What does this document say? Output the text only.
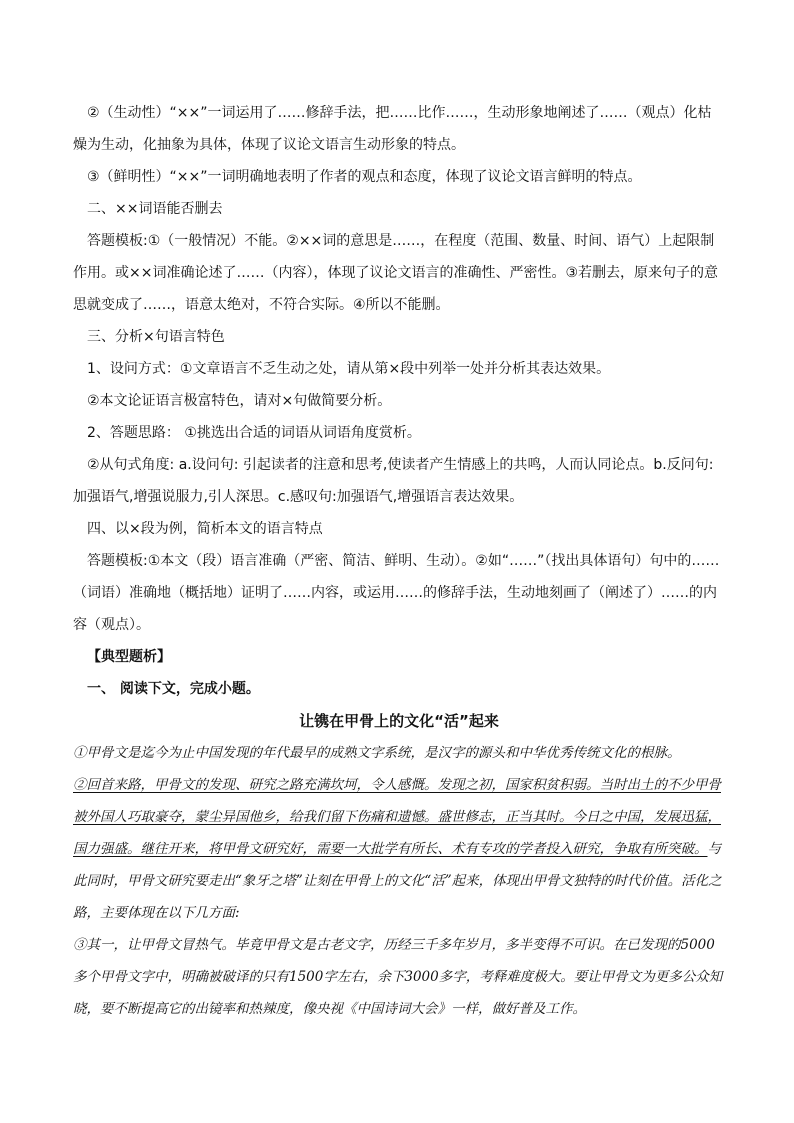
②（生动性）“××”一词运用了……修辞手法，把……比作……，生动形象地阐述了……（观点）化枯燥为生动，化抽象为具体，体现了议论文语言生动形象的特点。

③（鲜明性）“××”一词明确地表明了作者的观点和态度，体现了议论文语言鲜明的特点。

二、××词语能否删去

答题模板:①（一般情况）不能。②××词的意思是……，在程度（范围、数量、时间、语气）上起限制作用。或××词准确论述了……（内容），体现了议论文语言的准确性、严密性。③若删去，原来句子的意思就变成了……，语意太绝对，不符合实际。④所以不能删。

三、分析×句语言特色

1、设问方式：①文章语言不乏生动之处，请从第×段中列举一处并分析其表达效果。

②本文论证语言极富特色，请对×句做简要分析。

2、答题思路： ①挑选出合适的词语从词语角度赏析。

②从句式角度: a.设问句: 引起读者的注意和思考,使读者产生情感上的共鸣，人而认同论点。b.反问句:加强语气,增强说服力,引人深思。c.感叹句:加强语气,增强语言表达效果。

四、以×段为例，简析本文的语言特点

答题模板:①本文（段）语言准确（严密、简洁、鲜明、生动）。②如“……”（找出具体语句）句中的……（词语）准确地（概括地）证明了……内容，或运用……的修辞手法，生动地刻画了（阐述了）……的内容（观点）。

【典型题析】

一、 阅读下文，完成小题。

让镌在甲骨上的文化“活”起来

①甲骨文是迄今为止中国发现的年代最早的成熟文字系统，是汉字的源头和中华优秀传统文化的根脉。

②回首来路，甲骨文的发现、研究之路充满坎坷，令人感慨。发现之初，国家积贫积弱。当时出土的不少甲骨被外国人巧取豪夺，蒙尘异国他乡，给我们留下伤痛和遗憾。盛世修志，正当其时。今日之中国，发展迅猛，国力强盛。继往开来，将甲骨文研究好，需要一大批学有所长、术有专攻的学者投入研究，争取有所突破。与此同时，甲骨文研究要走出“象牙之塔”让刻在甲骨上的文化“活”起来，体现出甲骨文独特的时代价值。活化之路，主要体现在以下几方面:

③其一，让甲骨文冒热气。毕竟甲骨文是古老文字，历经三千多年岁月，多半变得不可识。在已发现的5000多个甲骨文字中，明确被破译的只有1500字左右，余下3000多字，考释难度极大。要让甲骨文为更多公众知晓，要不断提高它的出镜率和热辣度，像央视《中国诗词大会》一样，做好普及工作。
